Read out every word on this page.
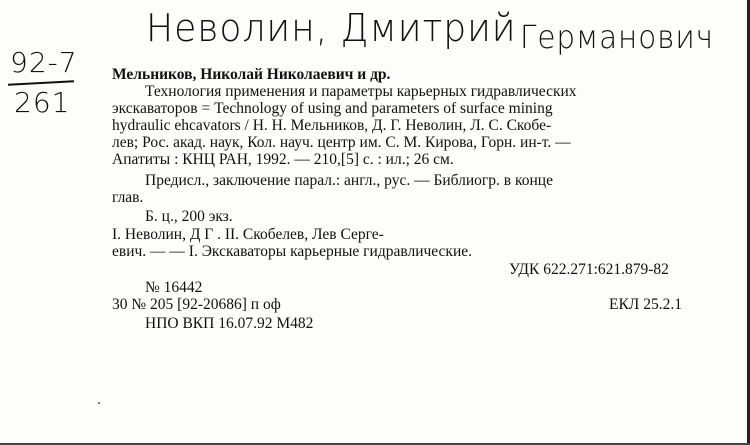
Неволин, Дмитрий Германович
92-7
261
Мельников, Николай Николаевич и др.
Технология применения и параметры карьерных гидравлических
экскаваторов = Technology of using and parameters of surface mining
hydraulic ehcavators / Н. Н. Мельников, Д. Г. Неволин, Л. С. Скобе-
лев; Рос. акад. наук, Кол. науч. центр им. С. М. Кирова, Горн. ин-т. —
Апатиты : КНЦ РАН, 1992. — 210,[5] с. : ил.; 26 см.
Предисл., заключение парал.: англ., рус. — Библиогр. в конце
глав.
Б. ц., 200 экз.
I. Неволин, Д Г . II. Скобелев, Лев Серге-
евич. — — I. Экскаваторы карьерные гидравлические.
УДК 622.271:621.879-82
№ 16442
30 № 205 [92-20686] п оф	ЕКЛ 25.2.1
НПО ВКП 16.07.92 М482
